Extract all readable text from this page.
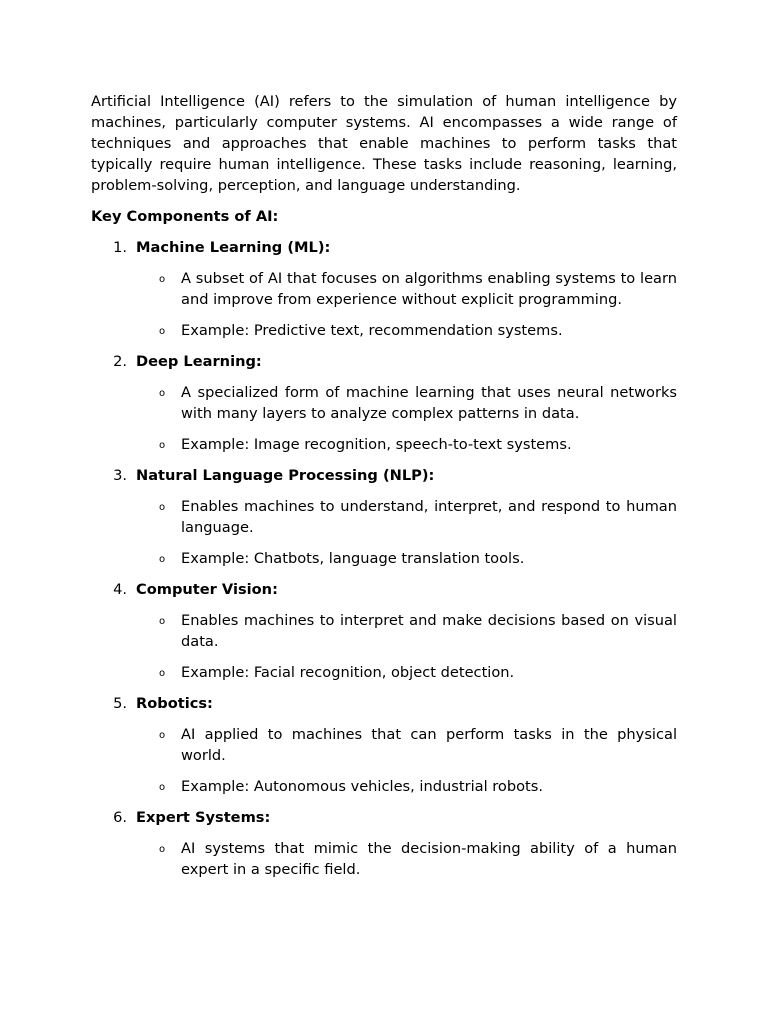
Artificial Intelligence (AI) refers to the simulation of human intelligence by machines, particularly computer systems. AI encompasses a wide range of techniques and approaches that enable machines to perform tasks that typically require human intelligence. These tasks include reasoning, learning, problem-solving, perception, and language understanding.

Key Components of AI:

1. Machine Learning (ML):
o	A subset of AI that focuses on algorithms enabling systems to learn and improve from experience without explicit programming.
o	Example: Predictive text, recommendation systems.
2. Deep Learning:
o	A specialized form of machine learning that uses neural networks with many layers to analyze complex patterns in data.
o	Example: Image recognition, speech-to-text systems.
3. Natural Language Processing (NLP):
o	Enables machines to understand, interpret, and respond to human language.
o	Example: Chatbots, language translation tools.
4. Computer Vision:
o	Enables machines to interpret and make decisions based on visual data.
o	Example: Facial recognition, object detection.
5. Robotics:
o	AI applied to machines that can perform tasks in the physical world.
o	Example: Autonomous vehicles, industrial robots.
6. Expert Systems:
o	AI systems that mimic the decision-making ability of a human expert in a specific field.
